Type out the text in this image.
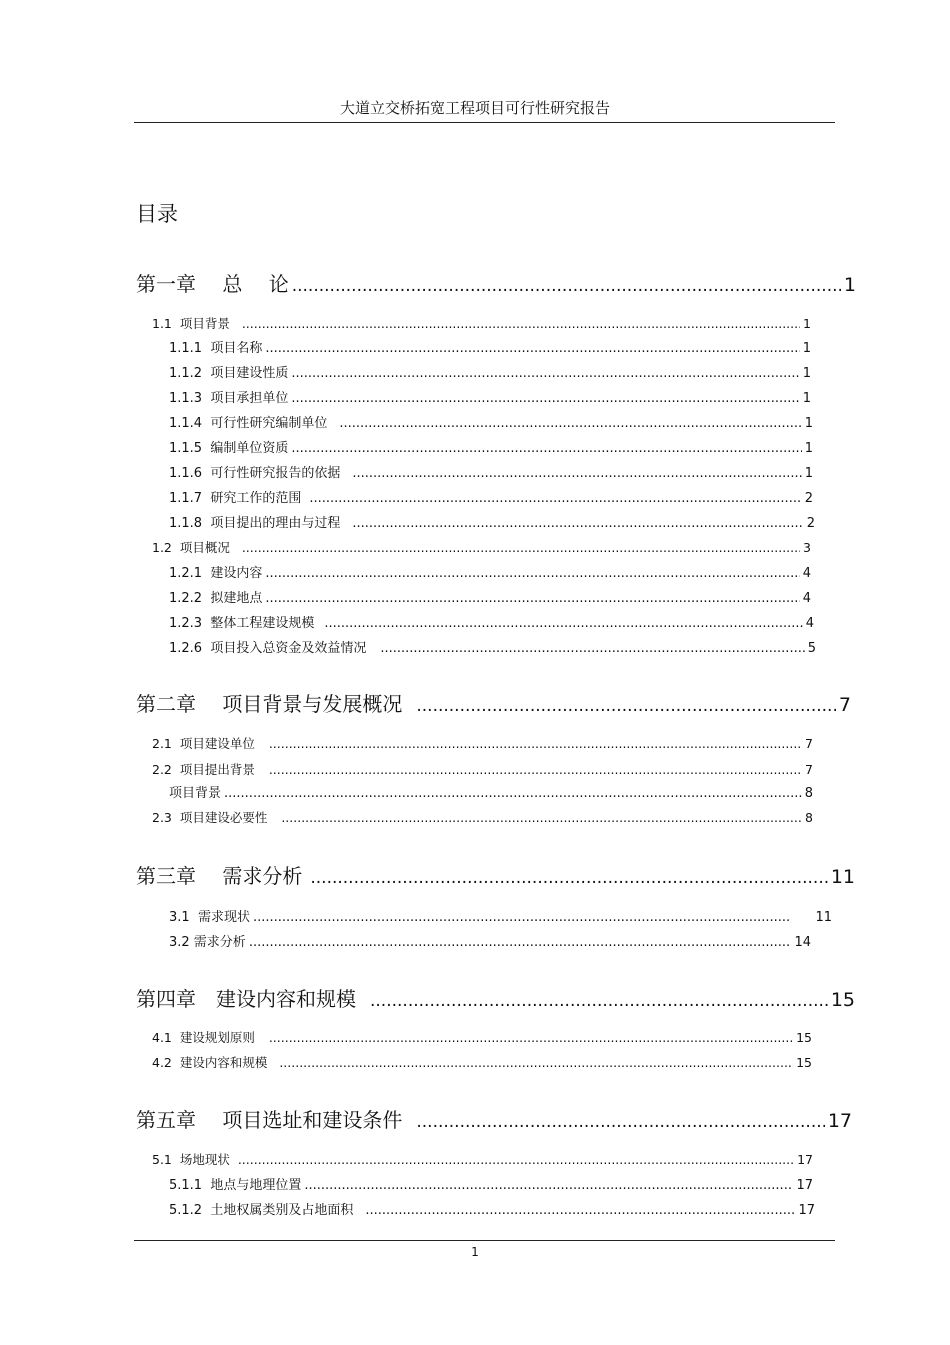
大道立交桥拓宽工程项目可行性研究报告
目录
第一章　 总　 论 .....	1
1.1  项目背景 .....	1
1.1.1  项目名称 .....	1
1.1.2  项目建设性质 .....	1
1.1.3  项目承担单位 .....	1
1.1.4  可行性研究编制单位 .....	1
1.1.5  编制单位资质 .....	1
1.1.6  可行性研究报告的依据 .....	1
1.1.7  研究工作的范围 .....	2
1.1.8  项目提出的理由与过程 .....	2
1.2  项目概况 .....	3
1.2.1  建设内容 .....	4
1.2.2  拟建地点 .....	4
1.2.3  整体工程建设规模 .....	4
1.2.6  项目投入总资金及效益情况 .....	5
第二章　 项目背景与发展概况 .....	7
2.1  项目建设单位 .....	7
2.2  项目提出背景 .....	7
项目背景 .....	8
2.3  项目建设必要性 .....	8
第三章　 需求分析 .....	11
3.1  需求现状 .....	11
3.2 需求分析 .....	14
第四章　建设内容和规模 .....	15
4.1  建设规划原则 .....	15
4.2  建设内容和规模 .....	15
第五章　 项目选址和建设条件 .....	17
5.1  场地现状 .....	17
5.1.1  地点与地理位置 .....	17
5.1.2  土地权属类别及占地面积 .....	17
1
